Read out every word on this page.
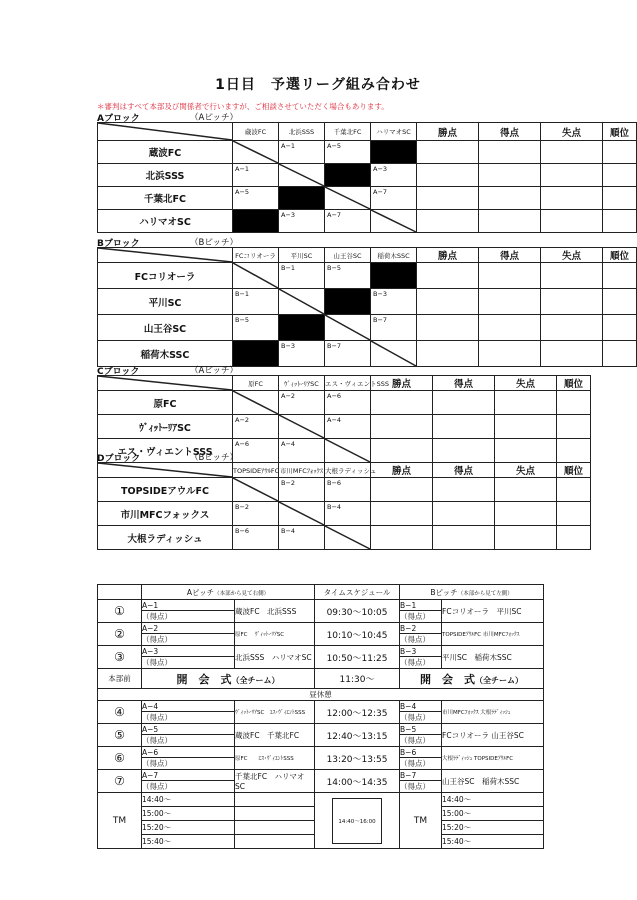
1日目　予選リーグ組み合わせ
＊審判はすべて本部及び関係者で行いますが、ご相談させていただく場合もあります。
Aブロック	（Aピッチ）
	蔵波FC	北浜SSS	千葉北FC	ハリマオSC	勝点	得点	失点	順位
蔵波FC		A−1	A−5					

北浜SSS	A−1			A−3				

千葉北FC	A−5			A−7				

ハリマオSC		A−3	A−7

Bブロック	（Bピッチ）
	FCコリオーラ	平川SC	山王谷SC	稲荷木SSC	勝点	得点	失点	順位
FCコリオーラ		B−1	B−5					

平川SC	B−1			B−3				

山王谷SC	B−5			B−7				

稲荷木SSC		B−3	B−7

Cブロック	（Aピッチ）
	原FC	ｳﾞｨｯﾄｰﾘｱSC	エス・ヴィエントSSS	勝点	得点	失点	順位
原FC		A−2	A−6				

ｳﾞｨｯﾄｰﾘｱSC	A−2		A−4				

エス・ヴィエントSSS	A−6	A−4

Dブロック	（Bピッチ）
	TOPSIDEｱｳﾙFC	市川MFCﾌｫｯｸｽ	大根ラディッシュ	勝点	得点	失点	順位
TOPSIDEアウルFC		B−2	B−6				

市川MFCフォックス	B−2		B−4				

大根ラディッシュ	B−6	B−4

	Aピッチ（本部から見て右側）		タイムスケジュール	Bピッチ（本部から見て左側）	
①	A−1	蔵波FC　北浜SSS	09:30〜10:05	B−1	FCコリオーラ　平川SC
	（得点）			（得点）	
②	A−2	原FC　 ｳﾞｨｯﾄｰﾘｱSC	10:10〜10:45	B−2	TOPSIDEｱｳﾙFC 市川MFCﾌｫｯｸｽ
	（得点）			（得点）	
③	A−3	北浜SSS　ハリマオSC	10:50〜11:25	B−3	平川SC　稲荷木SSC
	（得点）			（得点）	
本部前	開　会　式（全チーム）		11:30〜	開　会　式（全チーム）	
昼休憩					
④	A−4	ｳﾞｨｯﾄｰﾘｱSC　ｴｽ･ｳﾞｨｴﾝﾄSSS	12:00〜12:35	B−4	市川MFCﾌｫｯｸｽ 大根ﾗﾃﾞｨｯｼｭ
	（得点）			（得点）	
⑤	A−5	蔵波FC　千葉北FC	12:40〜13:15	B−5	FCコリオーラ 山王谷SC
	（得点）			（得点）	
⑥	A−6	原FC　　ｴｽ･ｳﾞｨｴﾝﾄSSS	13:20〜13:55	B−6	大根ﾗﾃﾞｨｯｼｭ TOPSIDEｱｳﾙFC
	（得点）			（得点）	
⑦	A−7	千葉北FC　ハリマオSC	14:00〜14:35	B−7	山王谷SC　稲荷木SSC
	（得点）			（得点）	
TM	14:40〜		14:40〜16:00	TM	14:40〜
	15:00〜				15:00〜
	15:20〜				15:20〜
	15:40〜				15:40〜
